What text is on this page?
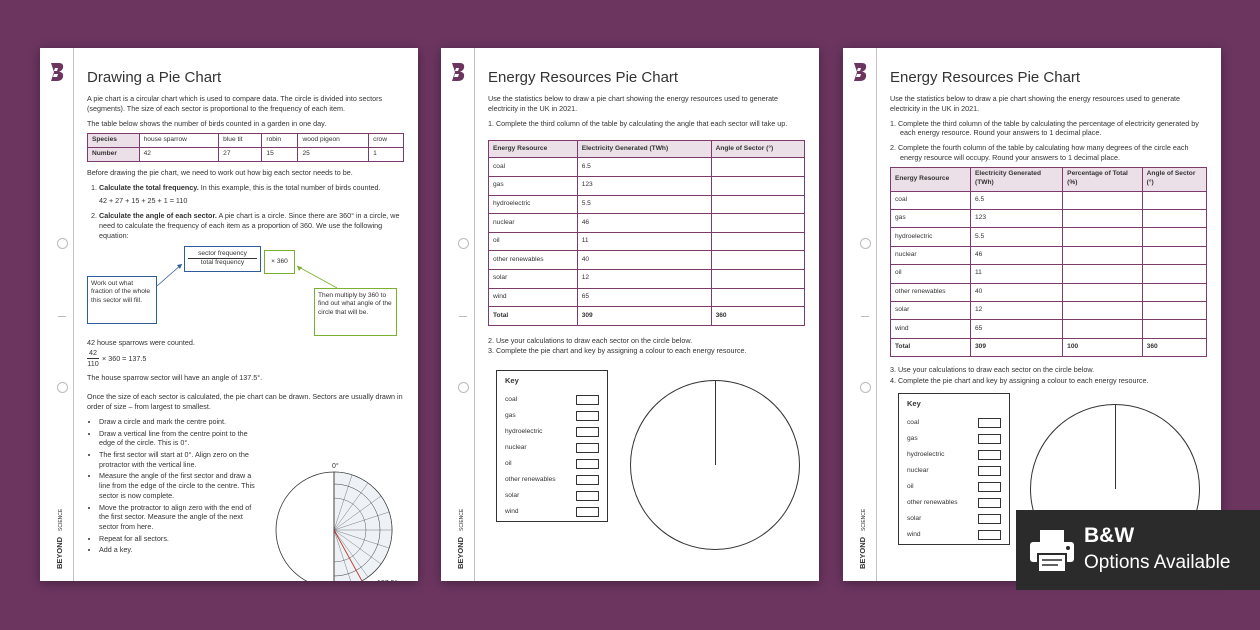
BEYOND
SCIENCE
Drawing a Pie Chart

A pie chart is a circular chart which is used to compare data. The circle is divided into sectors (segments). The size of each sector is proportional to the frequency of each item.

The table below shows the number of birds counted in a garden in one day.

Species	house sparrow	blue tit	robin	wood pigeon	crow
Number	42	27	15	25	1

Before drawing the pie chart, we need to work out how big each sector needs to be.

1. Calculate the total frequency. In this example, this is the total number of birds counted.
42 + 27 + 15 + 25 + 1 = 110
2. Calculate the angle of each sector. A pie chart is a circle. Since there are 360° in a circle, we need to calculate the frequency of each item as a proportion of 360. We use the following equation:
sector frequency
total frequency	× 360
Work out what fraction of the whole this sector will fill.
Then multiply by 360 to find out what angle of the circle that will be.

42 house sparrows were counted.

$\frac{42}{110} \times 360 = 137.5$

The house sparrow sector will have an angle of 137.5°.

Once the size of each sector is calculated, the pie chart can be drawn. Sectors are usually drawn in order of size – from largest to smallest.

• Draw a circle and mark the centre point.
• Draw a vertical line from the centre point to the edge of the circle. This is 0°.
• The first sector will start at 0°. Align zero on the protractor with the vertical line.
• Measure the angle of the first sector and draw a line from the edge of the circle to the centre. This sector is now complete.
• Move the protractor to align zero with the end of the first sector. Measure the angle of the next sector from here.
• Repeat for all sectors.
• Add a key.
0°
137.5°
BEYOND
SCIENCE
Energy Resources Pie Chart

Use the statistics below to draw a pie chart showing the energy resources used to generate electricity in the UK in 2021.

1. Complete the third column of the table by calculating the angle that each sector will take up.

Energy Resource	Electricity Generated (TWh)	Angle of Sector (°)
coal	6.5	
gas	123	
hydroelectric	5.5	
nuclear	46	
oil	11	
other renewables	40	
solar	12	
wind	65	
Total	309	360

2. Use your calculations to draw each sector on the circle below.

3. Complete the pie chart and key by assigning a colour to each energy resource.

Key
coal
gas
hydroelectric
nuclear
oil
other renewables
solar
wind
BEYOND
SCIENCE
Energy Resources Pie Chart

Use the statistics below to draw a pie chart showing the energy resources used to generate electricity in the UK in 2021.

1. Complete the third column of the table by calculating the percentage of electricity generated by each energy resource. Round your answers to 1 decimal place.

2. Complete the fourth column of the table by calculating how many degrees of the circle each energy resource will occupy. Round your answers to 1 decimal place.

Energy Resource	Electricity Generated (TWh)	Percentage of Total (%)	Angle of Sector (°)
coal	6.5		
gas	123		
hydroelectric	5.5		
nuclear	46		
oil	11		
other renewables	40		
solar	12		
wind	65		
Total	309	100	360

3. Use your calculations to draw each sector on the circle below.

4. Complete the pie chart and key by assigning a colour to each energy resource.

Key
coal
gas
hydroelectric
nuclear
oil
other renewables
solar
wind	B&W
Options Available
